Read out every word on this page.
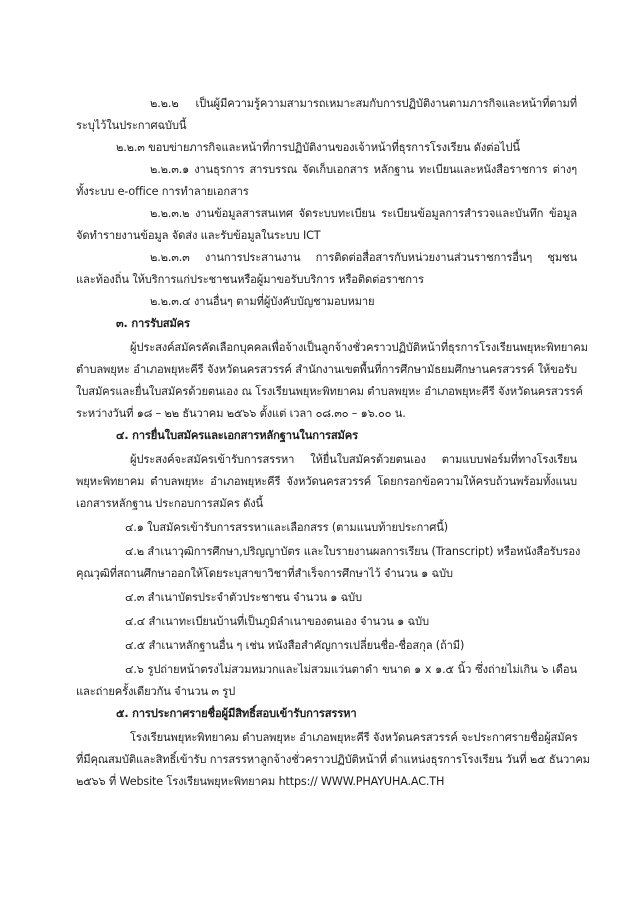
๒.๒.๒ เป็นผู้มีความรู้ความสามารถเหมาะสมกับการปฏิบัติงานตามภารกิจและหน้าที่ตามที่
ระบุไว้ในประกาศฉบับนี้
๒.๒.๓ ขอบข่ายภารกิจและหน้าที่การปฏิบัติงานของเจ้าหน้าที่ธุรการโรงเรียน ดังต่อไปนี้
๒.๒.๓.๑ งานธุรการ สารบรรณ จัดเก็บเอกสาร หลักฐาน ทะเบียนและหนังสือราชการ ต่างๆ
ทั้งระบบ e-office การทำลายเอกสาร
๒.๒.๓.๒ งานข้อมูลสารสนเทศ จัดระบบทะเบียน ระเบียนข้อมูลการสำรวจและบันทึก ข้อมูล
จัดทำรายงานข้อมูล จัดส่ง และรับข้อมูลในระบบ ICT
๒.๒.๓.๓ งานการประสานงาน การติดต่อสื่อสารกับหน่วยงานส่วนราชการอื่นๆ ชุมชน
และท้องถิ่น ให้บริการแก่ประชาชนหรือผู้มาขอรับบริการ หรือติดต่อราชการ
๒.๒.๓.๔ งานอื่นๆ ตามที่ผู้บังคับบัญชามอบหมาย
๓. การรับสมัคร
ผู้ประสงค์สมัครคัดเลือกบุคคลเพื่อจ้างเป็นลูกจ้างชั่วคราวปฏิบัติหน้าที่ธุรการโรงเรียนพยุหะพิทยาคม
ตำบลพยุหะ อำเภอพยุหะคีรี จังหวัดนครสวรรค์ สำนักงานเขตพื้นที่การศึกษามัธยมศึกษานครสวรรค์ ให้ขอรับ
ใบสมัครและยื่นใบสมัครด้วยตนเอง ณ โรงเรียนพยุหะพิทยาคม ตำบลพยุหะ อำเภอพยุหะคีรี จังหวัดนครสวรรค์
ระหว่างวันที่ ๑๘ – ๒๒ ธันวาคม ๒๕๖๖ ตั้งแต่ เวลา ๐๘.๓๐ – ๑๖.๐๐ น.
๔. การยื่นใบสมัครและเอกสารหลักฐานในการสมัคร
ผู้ประสงค์จะสมัครเข้ารับการสรรหา ให้ยื่นใบสมัครด้วยตนเอง ตามแบบฟอร์มที่ทางโรงเรียน
พยุหะพิทยาคม ตำบลพยุหะ อำเภอพยุหะคีรี จังหวัดนครสวรรค์ โดยกรอกข้อความให้ครบถ้วนพร้อมทั้งแนบ
เอกสารหลักฐาน ประกอบการสมัคร ดังนี้
๔.๑ ใบสมัครเข้ารับการสรรหาและเลือกสรร (ตามแนบท้ายประกาศนี้)
๔.๒ สำเนาวุฒิการศึกษา,ปริญญาบัตร และใบรายงานผลการเรียน (Transcript) หรือหนังสือรับรอง
คุณวุฒิที่สถานศึกษาออกให้โดยระบุสาขาวิชาที่สำเร็จการศึกษาไว้ จำนวน ๑ ฉบับ
๔.๓ สำเนาบัตรประจำตัวประชาชน จำนวน ๑ ฉบับ
๔.๔ สำเนาทะเบียนบ้านที่เป็นภูมิลำเนาของตนเอง จำนวน ๑ ฉบับ
๔.๕ สำเนาหลักฐานอื่น ๆ เช่น หนังสือสำคัญการเปลี่ยนชื่อ-ชื่อสกุล (ถ้ามี)
๔.๖ รูปถ่ายหน้าตรงไม่สวมหมวกและไม่สวมแว่นตาดำ ขนาด ๑ x ๑.๕ นิ้ว ซึ่งถ่ายไม่เกิน ๖ เดือน
และถ่ายครั้งเดียวกัน จำนวน ๓ รูป
๕. การประกาศรายชื่อผู้มีสิทธิ์สอบเข้ารับการสรรหา
โรงเรียนพยุหะพิทยาคม ตำบลพยุหะ อำเภอพยุหะคีรี จังหวัดนครสวรรค์ จะประกาศรายชื่อผู้สมัคร
ที่มีคุณสมบัติและสิทธิ์เข้ารับ การสรรหาลูกจ้างชั่วคราวปฏิบัติหน้าที่ ตำแหน่งธุรการโรงเรียน วันที่ ๒๕ ธันวาคม
๒๕๖๖ ที่ Website โรงเรียนพยุหะพิทยาคม https:// WWW.PHAYUHA.AC.TH
